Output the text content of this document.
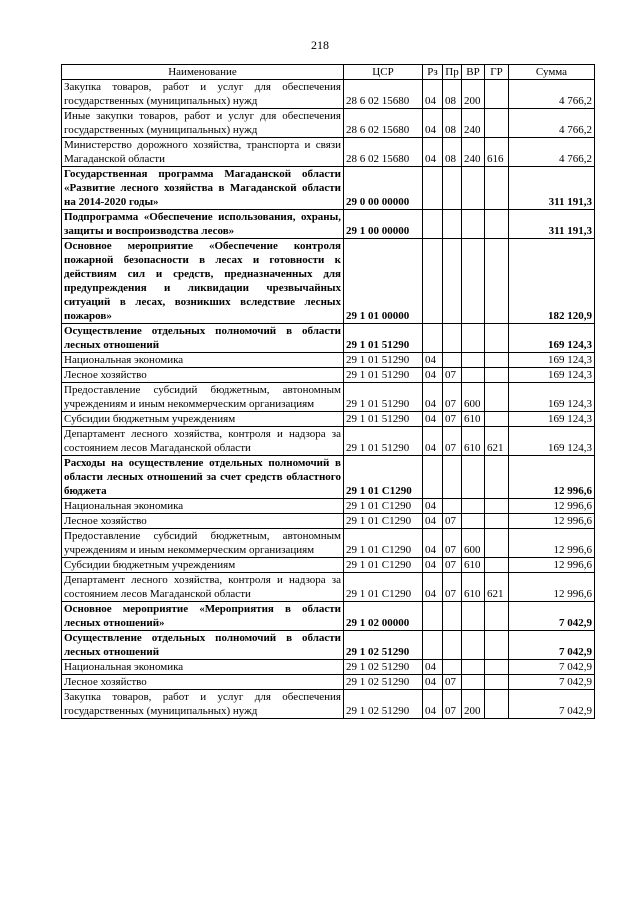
218
Наименование	ЦСР	Рз	Пр	ВР	ГР	Сумма
Закупка товаров, работ и услуг для обеспечения государственных (муниципальных) нужд	28 6 02 15680	04	08	200		4 766,2
Иные закупки товаров, работ и услуг для обеспечения государственных (муниципальных) нужд	28 6 02 15680	04	08	240		4 766,2
Министерство дорожного хозяйства, транспорта и связи Магаданской области	28 6 02 15680	04	08	240	616	4 766,2
Государственная программа Магаданской области «Развитие лесного хозяйства в Магаданской области на 2014-2020 годы»	29 0 00 00000					311 191,3
Подпрограмма «Обеспечение использования, охраны, защиты и воспроизводства лесов»	29 1 00 00000					311 191,3
Основное мероприятие «Обеспечение контроля пожарной безопасности в лесах и готовности к действиям сил и средств, предназначенных для предупреждения и ликвидации чрезвычайных ситуаций в лесах, возникших вследствие лесных пожаров»	29 1 01 00000					182 120,9
Осуществление отдельных полномочий в области лесных отношений	29 1 01 51290					169 124,3
Национальная экономика	29 1 01 51290	04				169 124,3
Лесное хозяйство	29 1 01 51290	04	07			169 124,3
Предоставление субсидий бюджетным, автономным учреждениям и иным некоммерческим организациям	29 1 01 51290	04	07	600		169 124,3
Субсидии бюджетным учреждениям	29 1 01 51290	04	07	610		169 124,3
Департамент лесного хозяйства, контроля и надзора за состоянием лесов Магаданской области	29 1 01 51290	04	07	610	621	169 124,3
Расходы на осуществление отдельных полномочий в области лесных отношений за счет средств областного бюджета	29 1 01 С1290					12 996,6
Национальная экономика	29 1 01 С1290	04				12 996,6
Лесное хозяйство	29 1 01 С1290	04	07			12 996,6
Предоставление субсидий бюджетным, автономным учреждениям и иным некоммерческим организациям	29 1 01 С1290	04	07	600		12 996,6
Субсидии бюджетным учреждениям	29 1 01 С1290	04	07	610		12 996,6
Департамент лесного хозяйства, контроля и надзора за состоянием лесов Магаданской области	29 1 01 С1290	04	07	610	621	12 996,6
Основное мероприятие «Мероприятия в области лесных отношений»	29 1 02 00000					7 042,9
Осуществление отдельных полномочий в области лесных отношений	29 1 02 51290					7 042,9
Национальная экономика	29 1 02 51290	04				7 042,9
Лесное хозяйство	29 1 02 51290	04	07			7 042,9
Закупка товаров, работ и услуг для обеспечения государственных (муниципальных) нужд	29 1 02 51290	04	07	200		7 042,9
